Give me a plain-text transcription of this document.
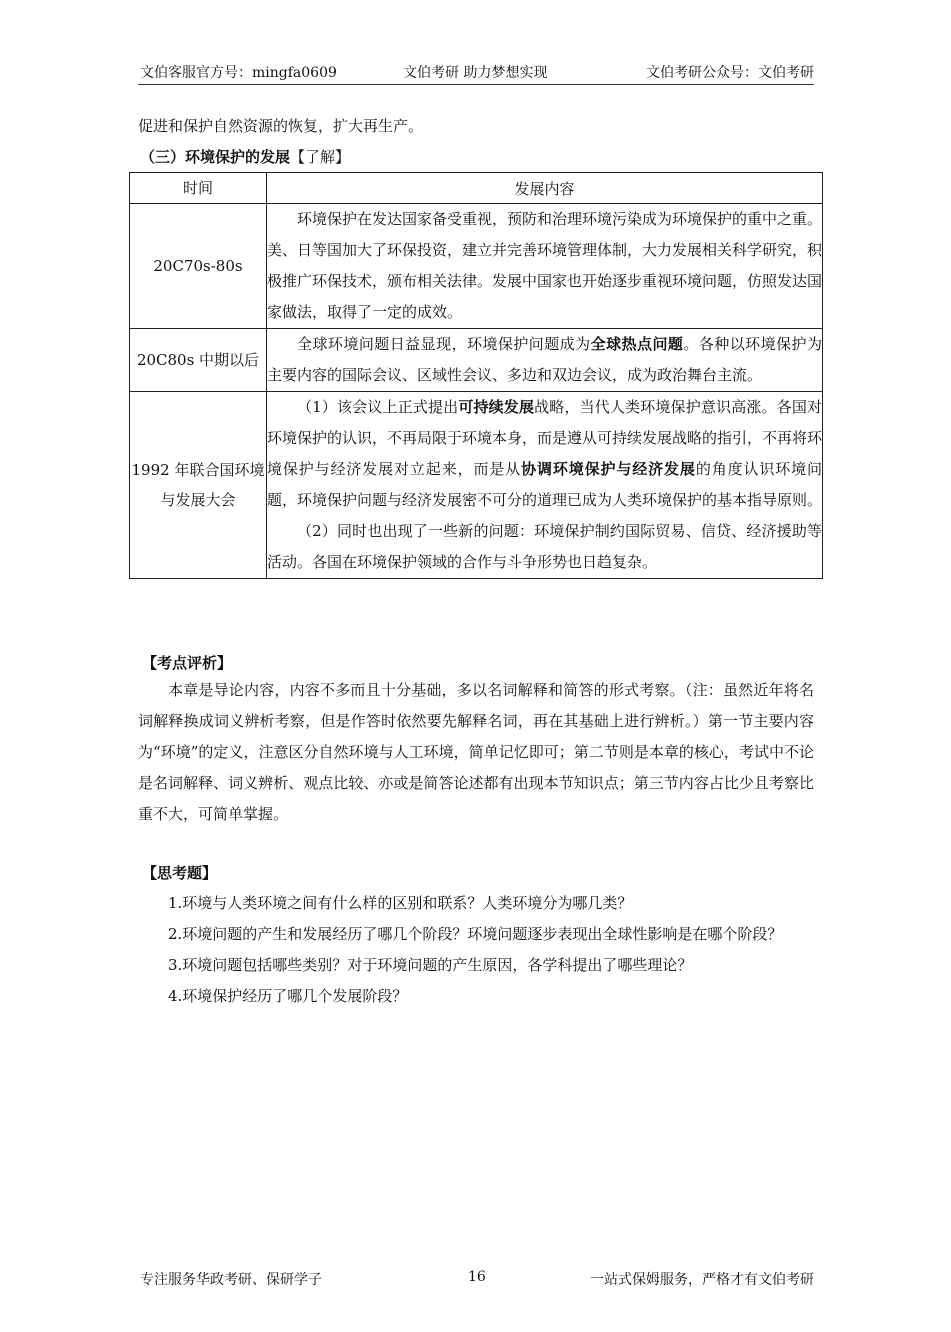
文伯客服官方号：mingfa0609	文伯考研 助力梦想实现	文伯考研公众号：文伯考研
促进和保护自然资源的恢复，扩大再生产。
（三）环境保护的发展【了解】
时间	发展内容
20C70s-80s	环境保护在发达国家备受重视，预防和治理环境污染成为环境保护的重中之重。美、日等国加大了环保投资，建立并完善环境管理体制，大力发展相关科学研究，积极推广环保技术，颁布相关法律。发展中国家也开始逐步重视环境问题，仿照发达国家做法，取得了一定的成效。

20C80s 中期以后	全球环境问题日益显现，环境保护问题成为全球热点问题。各种以环境保护为主要内容的国际会议、区域性会议、多边和双边会议，成为政治舞台主流。

1992 年联合国环境与发展大会	（1）该会议上正式提出可持续发展战略，当代人类环境保护意识高涨。各国对环境保护的认识，不再局限于环境本身，而是遵从可持续发展战略的指引，不再将环境保护与经济发展对立起来，而是从协调环境保护与经济发展的角度认识环境问题，环境保护问题与经济发展密不可分的道理已成为人类环境保护的基本指导原则。

（2）同时也出现了一些新的问题：环境保护制约国际贸易、信贷、经济援助等活动。各国在环境保护领域的合作与斗争形势也日趋复杂。

【考点评析】

本章是导论内容，内容不多而且十分基础，多以名词解释和简答的形式考察。（注：虽然近年将名词解释换成词义辨析考察，但是作答时依然要先解释名词，再在其基础上进行辨析。）第一节主要内容为“环境”的定义，注意区分自然环境与人工环境，简单记忆即可；第二节则是本章的核心，考试中不论是名词解释、词义辨析、观点比较、亦或是简答论述都有出现本节知识点；第三节内容占比少且考察比重不大，可简单掌握。

【思考题】

1.环境与人类环境之间有什么样的区别和联系？人类环境分为哪几类？

2.环境问题的产生和发展经历了哪几个阶段？环境问题逐步表现出全球性影响是在哪个阶段？

3.环境问题包括哪些类别？对于环境问题的产生原因，各学科提出了哪些理论？

4.环境保护经历了哪几个发展阶段？

专注服务华政考研、保研学子	16	一站式保姆服务，严格才有文伯考研
